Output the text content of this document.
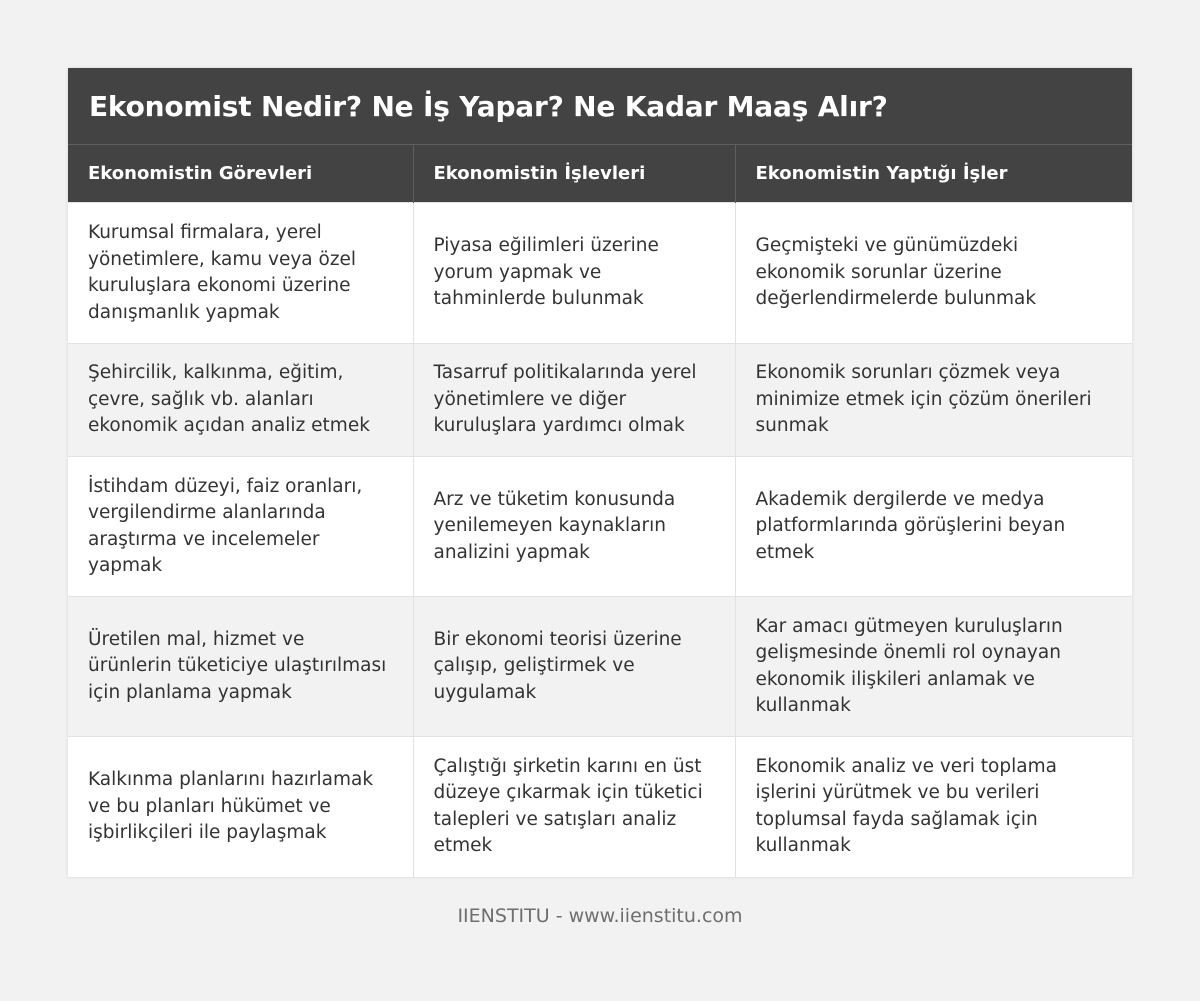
Ekonomist Nedir? Ne İş Yapar? Ne Kadar Maaş Alır?
Ekonomistin Görevleri	Ekonomistin İşlevleri	Ekonomistin Yaptığı İşler
Kurumsal firmalara, yerel yönetimlere, kamu veya özel kuruluşlara ekonomi üzerine danışmanlık yapmak	Piyasa eğilimleri üzerine yorum yapmak ve tahminlerde bulunmak	Geçmişteki ve günümüzdeki ekonomik sorunlar üzerine değerlendirmelerde bulunmak
Şehircilik, kalkınma, eğitim, çevre, sağlık vb. alanları ekonomik açıdan analiz etmek	Tasarruf politikalarında yerel yönetimlere ve diğer kuruluşlara yardımcı olmak	Ekonomik sorunları çözmek veya minimize etmek için çözüm önerileri sunmak
İstihdam düzeyi, faiz oranları, vergilendirme alanlarında araştırma ve incelemeler yapmak	Arz ve tüketim konusunda yenilemeyen kaynakların analizini yapmak	Akademik dergilerde ve medya platformlarında görüşlerini beyan etmek
Üretilen mal, hizmet ve ürünlerin tüketiciye ulaştırılması için planlama yapmak	Bir ekonomi teorisi üzerine çalışıp, geliştirmek ve uygulamak	Kar amacı gütmeyen kuruluşların gelişmesinde önemli rol oynayan ekonomik ilişkileri anlamak ve kullanmak
Kalkınma planlarını hazırlamak ve bu planları hükümet ve işbirlikçileri ile paylaşmak	Çalıştığı şirketin karını en üst düzeye çıkarmak için tüketici talepleri ve satışları analiz etmek	Ekonomik analiz ve veri toplama işlerini yürütmek ve bu verileri toplumsal fayda sağlamak için kullanmak
IIENSTITU - www.iienstitu.com
